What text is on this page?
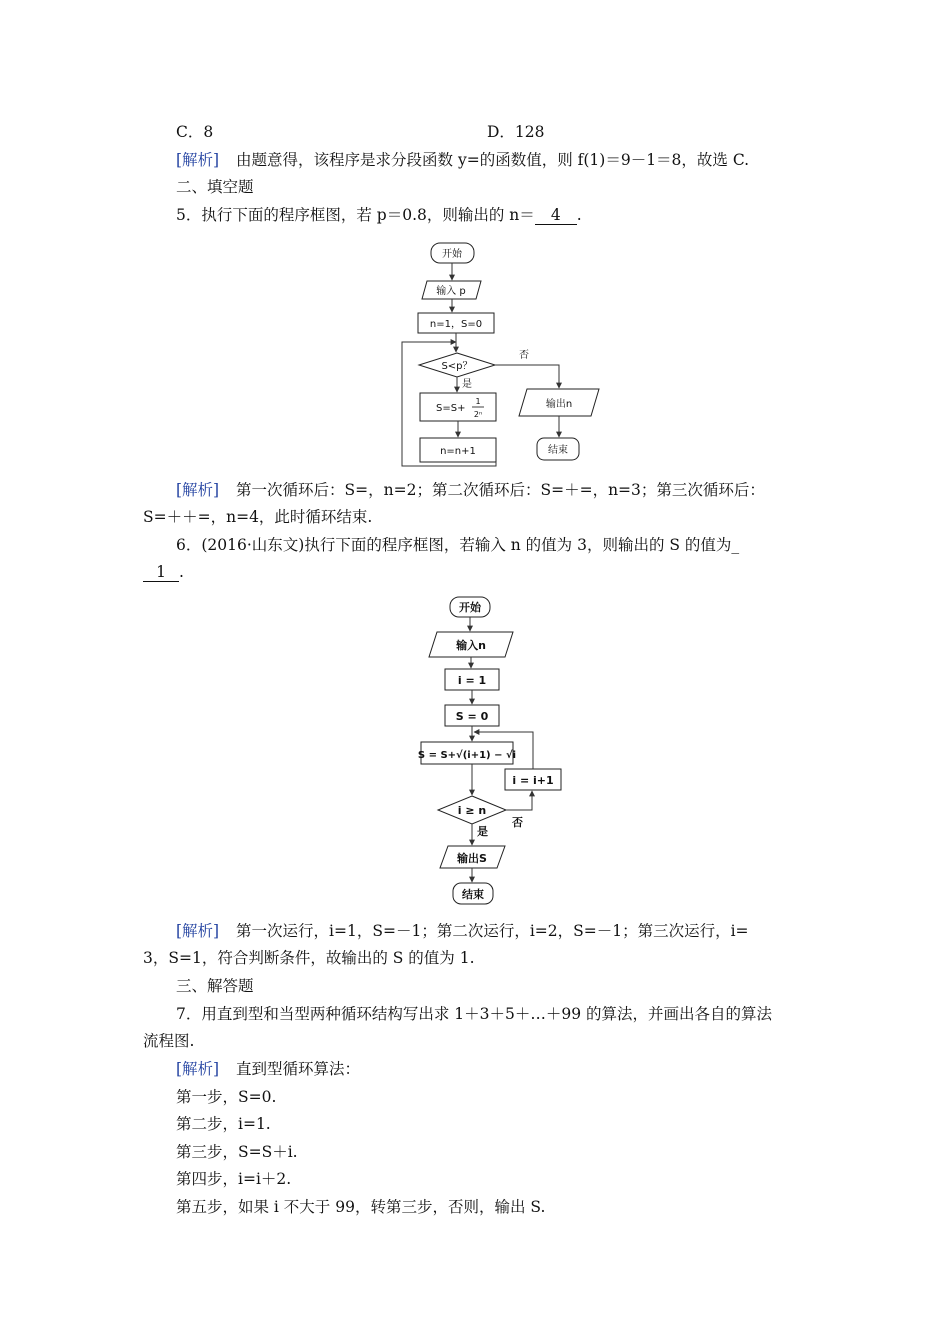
C．8	D．128
[解析] 由题意得，该程序是求分段函数 y=的函数值，则 f(1)＝9－1＝8，故选 C.
二、填空题
5．执行下面的程序框图，若 p＝0.8，则输出的 n＝ 4 .
开始
输入 p
n=1，S=0
S<p？
否
是
S=S+
1
2ⁿ
n=n+1
输出n
结束
[解析] 第一次循环后：S=，n=2；第二次循环后：S=＋=，n=3；第三次循环后：
S=＋＋=，n=4，此时循环结束.
6．(2016·山东文)执行下面的程序框图，若输入 n 的值为 3，则输出的 S 的值为_
1 .
开始
输入n
i = 1
S = 0
S = S+√(i+1) − √i
i ≥ n
否
i = i+1
是
输出S
结束
[解析] 第一次运行，i=1，S=－1；第二次运行，i=2，S=－1；第三次运行，i=
3，S=1，符合判断条件，故输出的 S 的值为 1.
三、解答题
7．用直到型和当型两种循环结构写出求 1＋3＋5＋…＋99 的算法，并画出各自的算法
流程图.
[解析] 直到型循环算法：
第一步，S=0.
第二步，i=1.
第三步，S=S＋i.
第四步，i=i＋2.
第五步，如果 i 不大于 99，转第三步，否则，输出 S.
